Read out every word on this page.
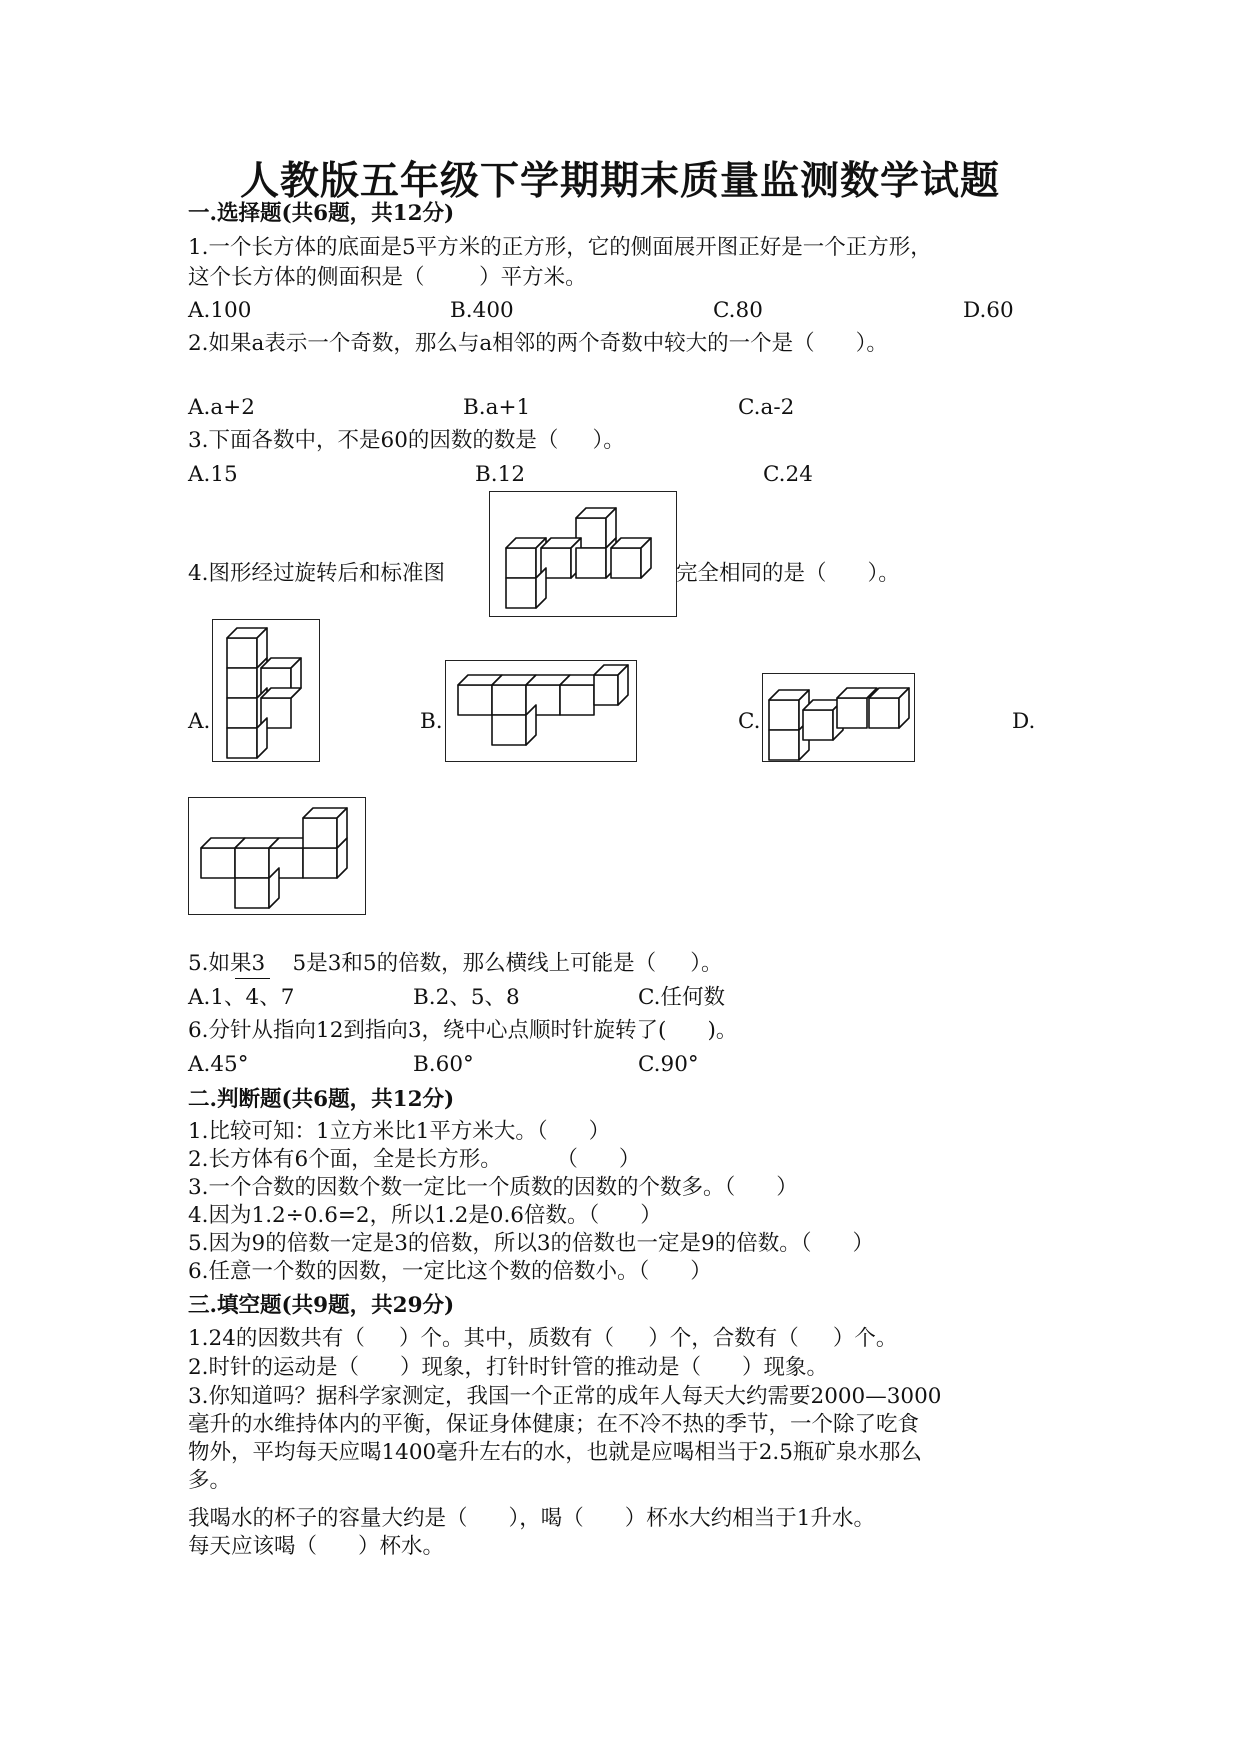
人教版五年级下学期期末质量监测数学试题
一.选择题(共6题，共12分)
1.一个长方体的底面是5平方米的正方形，它的侧面展开图正好是一个正方形，
这个长方体的侧面积是（        ）平方米。
A.100	B.400	C.80	D.60
2.如果a表示一个奇数，那么与a相邻的两个奇数中较大的一个是（      ）。
A.a+2	B.a+1	C.a-2
3.下面各数中，不是60的因数的数是（     ）。
A.15	B.12	C.24
4.图形经过旋转后和标准图	完全相同的是（      ）。
A.	B.	C.	D.
5.如果3    5是3和5的倍数，那么横线上可能是（     ）。
A.1、4、7	B.2、5、8	C.任何数
6.分针从指向12到指向3，绕中心点顺时针旋转了(      )。
A.45°	B.60°	C.90°
二.判断题(共6题，共12分)
1.比较可知：1立方米比1平方米大。（      ）
2.长方体有6个面，全是长方形。        （      ）
3.一个合数的因数个数一定比一个质数的因数的个数多。（      ）
4.因为1.2÷0.6=2，所以1.2是0.6倍数。（      ）
5.因为9的倍数一定是3的倍数，所以3的倍数也一定是9的倍数。（      ）
6.任意一个数的因数，一定比这个数的倍数小。（      ）
三.填空题(共9题，共29分)
1.24的因数共有（     ）个。其中，质数有（     ）个，合数有（     ）个。
2.时针的运动是（      ）现象，打针时针管的推动是（      ）现象。
3.你知道吗？据科学家测定，我国一个正常的成年人每天大约需要2000—3000
毫升的水维持体内的平衡，保证身体健康；在不冷不热的季节，一个除了吃食
物外，平均每天应喝1400毫升左右的水，也就是应喝相当于2.5瓶矿泉水那么
多。
我喝水的杯子的容量大约是（      ），喝（      ）杯水大约相当于1升水。
每天应该喝（      ）杯水。
